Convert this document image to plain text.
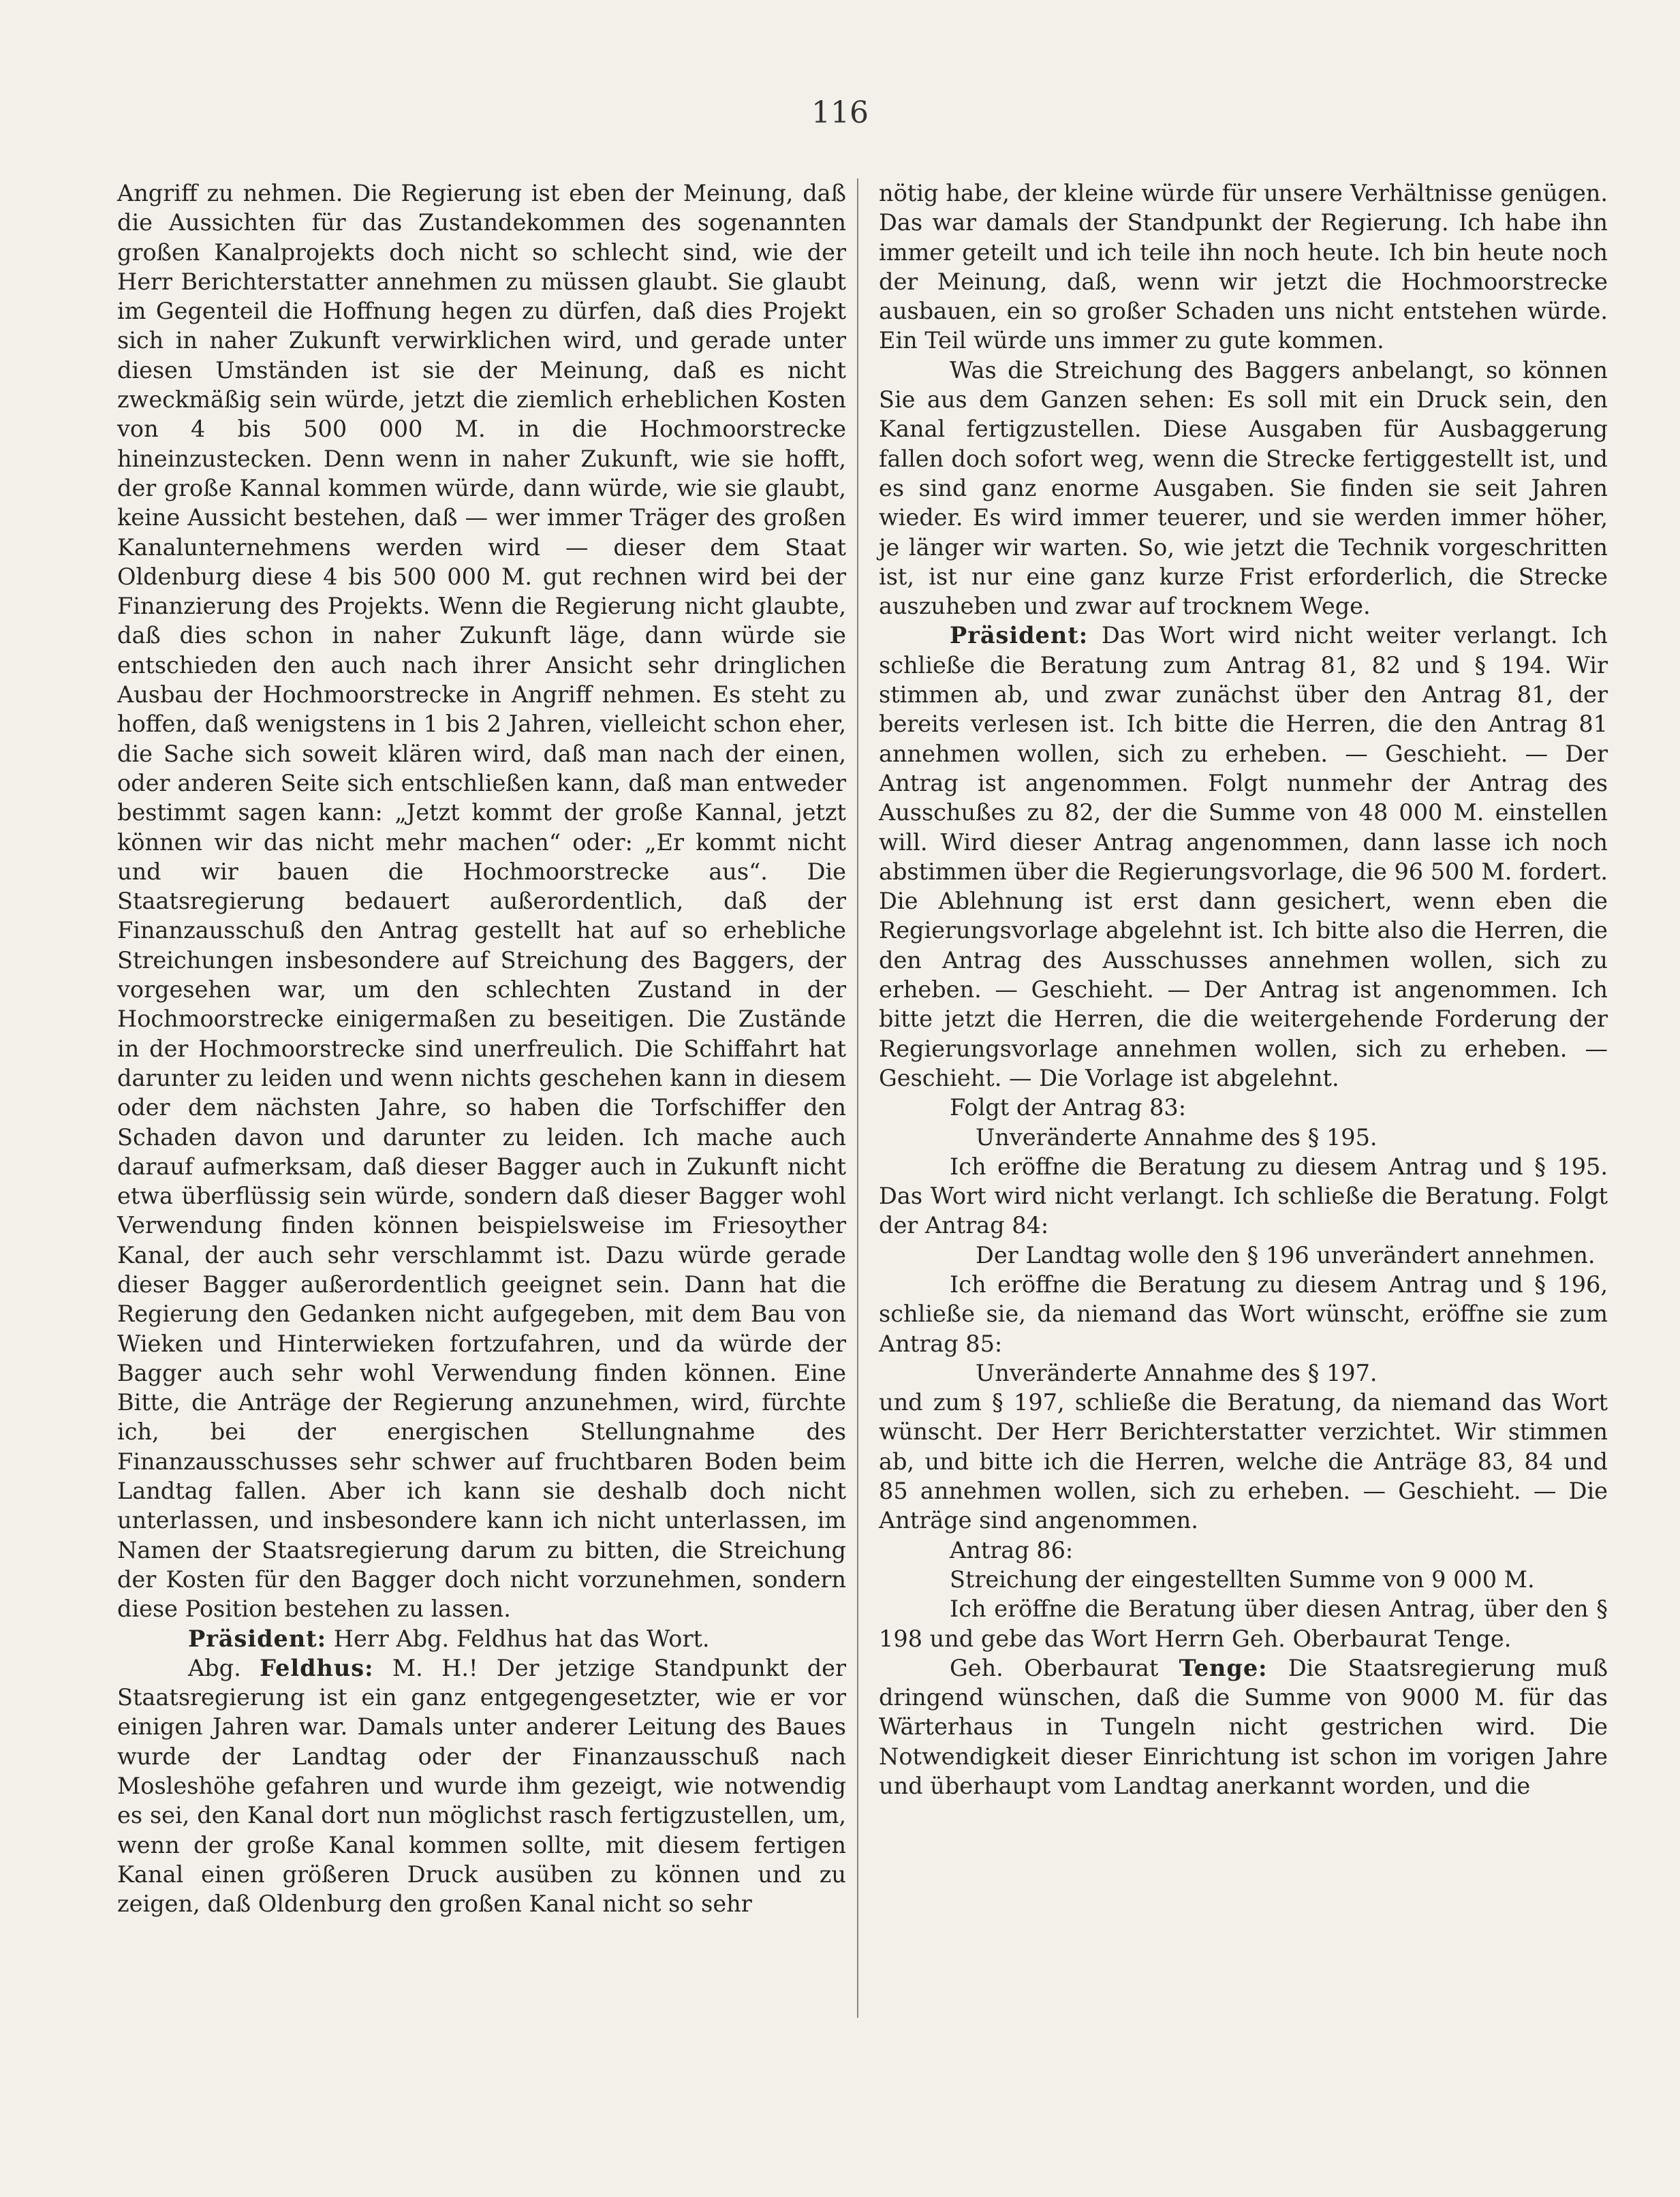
116

Angriff zu nehmen. Die Regierung ist eben der Meinung, daß die Aussichten für das Zustandekommen des sogenannten großen Kanalprojekts doch nicht so schlecht sind, wie der Herr Berichterstatter annehmen zu müssen glaubt. Sie glaubt im Gegenteil die Hoffnung hegen zu dürfen, daß dies Projekt sich in naher Zukunft verwirklichen wird, und gerade unter diesen Umständen ist sie der Meinung, daß es nicht zweckmäßig sein würde, jetzt die ziemlich erheblichen Kosten von 4 bis 500 000 M. in die Hochmoorstrecke hineinzustecken. Denn wenn in naher Zukunft, wie sie hofft, der große Kannal kommen würde, dann würde, wie sie glaubt, keine Aussicht bestehen, daß — wer immer Träger des großen Kanalunternehmens werden wird — dieser dem Staat Oldenburg diese 4 bis 500 000 M. gut rechnen wird bei der Finanzierung des Projekts. Wenn die Regierung nicht glaubte, daß dies schon in naher Zukunft läge, dann würde sie entschieden den auch nach ihrer Ansicht sehr dringlichen Ausbau der Hochmoorstrecke in Angriff nehmen. Es steht zu hoffen, daß wenigstens in 1 bis 2 Jahren, vielleicht schon eher, die Sache sich soweit klären wird, daß man nach der einen, oder anderen Seite sich entschließen kann, daß man entweder bestimmt sagen kann: „Jetzt kommt der große Kannal, jetzt können wir das nicht mehr machen“ oder: „Er kommt nicht und wir bauen die Hochmoorstrecke aus“. Die Staatsregierung bedauert außerordentlich, daß der Finanzausschuß den Antrag gestellt hat auf so erhebliche Streichungen insbesondere auf Streichung des Baggers, der vorgesehen war, um den schlechten Zustand in der Hochmoorstrecke einigermaßen zu beseitigen. Die Zustände in der Hochmoorstrecke sind unerfreulich. Die Schiffahrt hat darunter zu leiden und wenn nichts geschehen kann in diesem oder dem nächsten Jahre, so haben die Torfschiffer den Schaden davon und darunter zu leiden. Ich mache auch darauf aufmerksam, daß dieser Bagger auch in Zukunft nicht etwa überflüssig sein würde, sondern daß dieser Bagger wohl Verwendung finden können beispielsweise im Friesoyther Kanal, der auch sehr verschlammt ist. Dazu würde gerade dieser Bagger außerordentlich geeignet sein. Dann hat die Regierung den Gedanken nicht aufgegeben, mit dem Bau von Wieken und Hinterwieken fortzufahren, und da würde der Bagger auch sehr wohl Verwendung finden können. Eine Bitte, die Anträge der Regierung anzunehmen, wird, fürchte ich, bei der energischen Stellungnahme des Finanzausschusses sehr schwer auf fruchtbaren Boden beim Landtag fallen. Aber ich kann sie deshalb doch nicht unterlassen, und insbesondere kann ich nicht unterlassen, im Namen der Staatsregierung darum zu bitten, die Streichung der Kosten für den Bagger doch nicht vorzunehmen, sondern diese Position bestehen zu lassen.

Präsident: Herr Abg. Feldhus hat das Wort.

Abg. Feldhus: M. H.! Der jetzige Standpunkt der Staatsregierung ist ein ganz entgegengesetzter, wie er vor einigen Jahren war. Damals unter anderer Leitung des Baues wurde der Landtag oder der Finanzausschuß nach Mosleshöhe gefahren und wurde ihm gezeigt, wie notwendig es sei, den Kanal dort nun möglichst rasch fertigzustellen, um, wenn der große Kanal kommen sollte, mit diesem fertigen Kanal einen größeren Druck ausüben zu können und zu zeigen, daß Oldenburg den großen Kanal nicht so sehr

nötig habe, der kleine würde für unsere Verhältnisse genügen. Das war damals der Standpunkt der Regierung. Ich habe ihn immer geteilt und ich teile ihn noch heute. Ich bin heute noch der Meinung, daß, wenn wir jetzt die Hochmoorstrecke ausbauen, ein so großer Schaden uns nicht entstehen würde. Ein Teil würde uns immer zu gute kommen.

Was die Streichung des Baggers anbelangt, so können Sie aus dem Ganzen sehen: Es soll mit ein Druck sein, den Kanal fertigzustellen. Diese Ausgaben für Ausbaggerung fallen doch sofort weg, wenn die Strecke fertiggestellt ist, und es sind ganz enorme Ausgaben. Sie finden sie seit Jahren wieder. Es wird immer teuerer, und sie werden immer höher, je länger wir warten. So, wie jetzt die Technik vorgeschritten ist, ist nur eine ganz kurze Frist erforderlich, die Strecke auszuheben und zwar auf trocknem Wege.

Präsident: Das Wort wird nicht weiter verlangt. Ich schließe die Beratung zum Antrag 81, 82 und § 194. Wir stimmen ab, und zwar zunächst über den Antrag 81, der bereits verlesen ist. Ich bitte die Herren, die den Antrag 81 annehmen wollen, sich zu erheben. — Geschieht. — Der Antrag ist angenommen. Folgt nunmehr der Antrag des Ausschußes zu 82, der die Summe von 48 000 M. einstellen will. Wird dieser Antrag angenommen, dann lasse ich noch abstimmen über die Regierungsvorlage, die 96 500 M. fordert. Die Ablehnung ist erst dann gesichert, wenn eben die Regierungsvorlage abgelehnt ist. Ich bitte also die Herren, die den Antrag des Ausschusses annehmen wollen, sich zu erheben. — Geschieht. — Der Antrag ist angenommen. Ich bitte jetzt die Herren, die die weitergehende Forderung der Regierungsvorlage annehmen wollen, sich zu erheben. — Geschieht. — Die Vorlage ist abgelehnt.

Folgt der Antrag 83:

Unveränderte Annahme des § 195.

Ich eröffne die Beratung zu diesem Antrag und § 195. Das Wort wird nicht verlangt. Ich schließe die Beratung. Folgt der Antrag 84:

Der Landtag wolle den § 196 unverändert annehmen.

Ich eröffne die Beratung zu diesem Antrag und § 196, schließe sie, da niemand das Wort wünscht, eröffne sie zum Antrag 85:

Unveränderte Annahme des § 197.

und zum § 197, schließe die Beratung, da niemand das Wort wünscht. Der Herr Berichterstatter verzichtet. Wir stimmen ab, und bitte ich die Herren, welche die Anträge 83, 84 und 85 annehmen wollen, sich zu erheben. — Geschieht. — Die Anträge sind angenommen.

Antrag 86:

Streichung der eingestellten Summe von 9 000 M.

Ich eröffne die Beratung über diesen Antrag, über den § 198 und gebe das Wort Herrn Geh. Oberbaurat Tenge.

Geh. Oberbaurat Tenge: Die Staatsregierung muß dringend wünschen, daß die Summe von 9000 M. für das Wärterhaus in Tungeln nicht gestrichen wird. Die Notwendigkeit dieser Einrichtung ist schon im vorigen Jahre und überhaupt vom Landtag anerkannt worden, und die
